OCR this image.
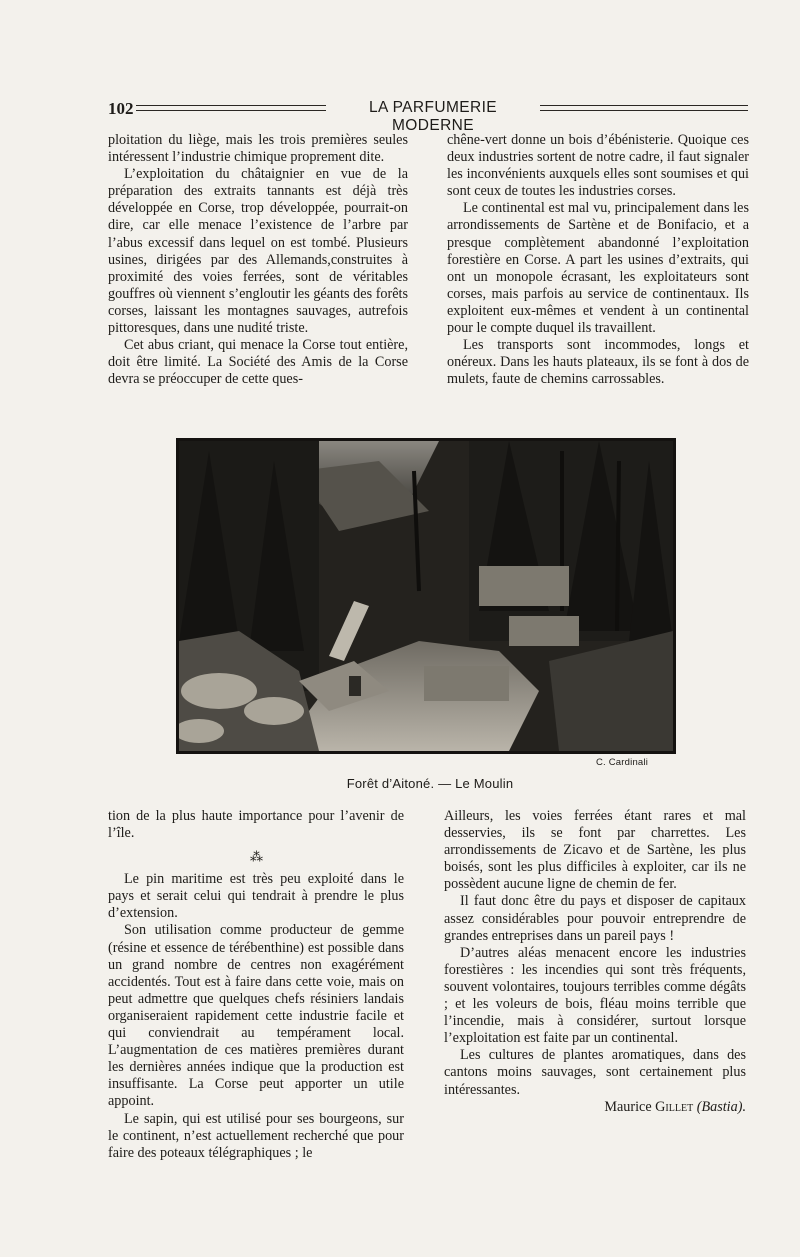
102	LA PARFUMERIE MODERNE

ploitation du liège, mais les trois premières seules intéressent l’industrie chimique proprement dite.

L’exploitation du châtaignier en vue de la préparation des extraits tannants est déjà très développée en Corse, trop développée, pourrait-on dire, car elle menace l’existence de l’arbre par l’abus excessif dans lequel on est tombé. Plusieurs usines, dirigées par des Allemands,construites à proximité des voies ferrées, sont de véritables gouffres où viennent s’engloutir les géants des forêts corses, laissant les montagnes sauvages, autrefois pittoresques, dans une nudité triste.

Cet abus criant, qui menace la Corse tout entière, doit être limité. La Société des Amis de la Corse devra se préoccuper de cette ques-

chêne-vert donne un bois d’ébénisterie. Quoique ces deux industries sortent de notre cadre, il faut signaler les inconvénients auxquels elles sont soumises et qui sont ceux de toutes les industries corses.

Le continental est mal vu, principalement dans les arrondissements de Sartène et de Bonifacio, et a presque complètement abandonné l’exploitation forestière en Corse. A part les usines d’extraits, qui ont un monopole écrasant, les exploitateurs sont corses, mais parfois au service de continentaux. Ils exploitent eux-mêmes et vendent à un continental pour le compte duquel ils travaillent.

Les transports sont incommodes, longs et onéreux. Dans les hauts plateaux, ils se font à dos de mulets, faute de chemins carrossables.

C. Cardinali
Forêt d’Aitoné. — Le Moulin

tion de la plus haute importance pour l’avenir de l’île.

⁂

Le pin maritime est très peu exploité dans le pays et serait celui qui tendrait à prendre le plus d’extension.

Son utilisation comme producteur de gemme (résine et essence de térébenthine) est possible dans un grand nombre de centres non exagérément accidentés. Tout est à faire dans cette voie, mais on peut admettre que quelques chefs résiniers landais organiseraient rapidement cette industrie facile et qui conviendrait au tempérament local. L’augmentation de ces matières premières durant les dernières années indique que la production est insuffisante. La Corse peut apporter un utile appoint.

Le sapin, qui est utilisé pour ses bourgeons, sur le continent, n’est actuellement recherché que pour faire des poteaux télégraphiques ; le

Ailleurs, les voies ferrées étant rares et mal desservies, ils se font par charrettes. Les arrondissements de Zicavo et de Sartène, les plus boisés, sont les plus difficiles à exploiter, car ils ne possèdent aucune ligne de chemin de fer.

Il faut donc être du pays et disposer de capitaux assez considérables pour pouvoir entreprendre de grandes entreprises dans un pareil pays !

D’autres aléas menacent encore les industries forestières : les incendies qui sont très fréquents, souvent volontaires, toujours terribles comme dégâts ; et les voleurs de bois, fléau moins terrible que l’incendie, mais à considérer, surtout lorsque l’exploitation est faite par un continental.

Les cultures de plantes aromatiques, dans des cantons moins sauvages, sont certainement plus intéressantes.

Maurice Gillet (Bastia).
